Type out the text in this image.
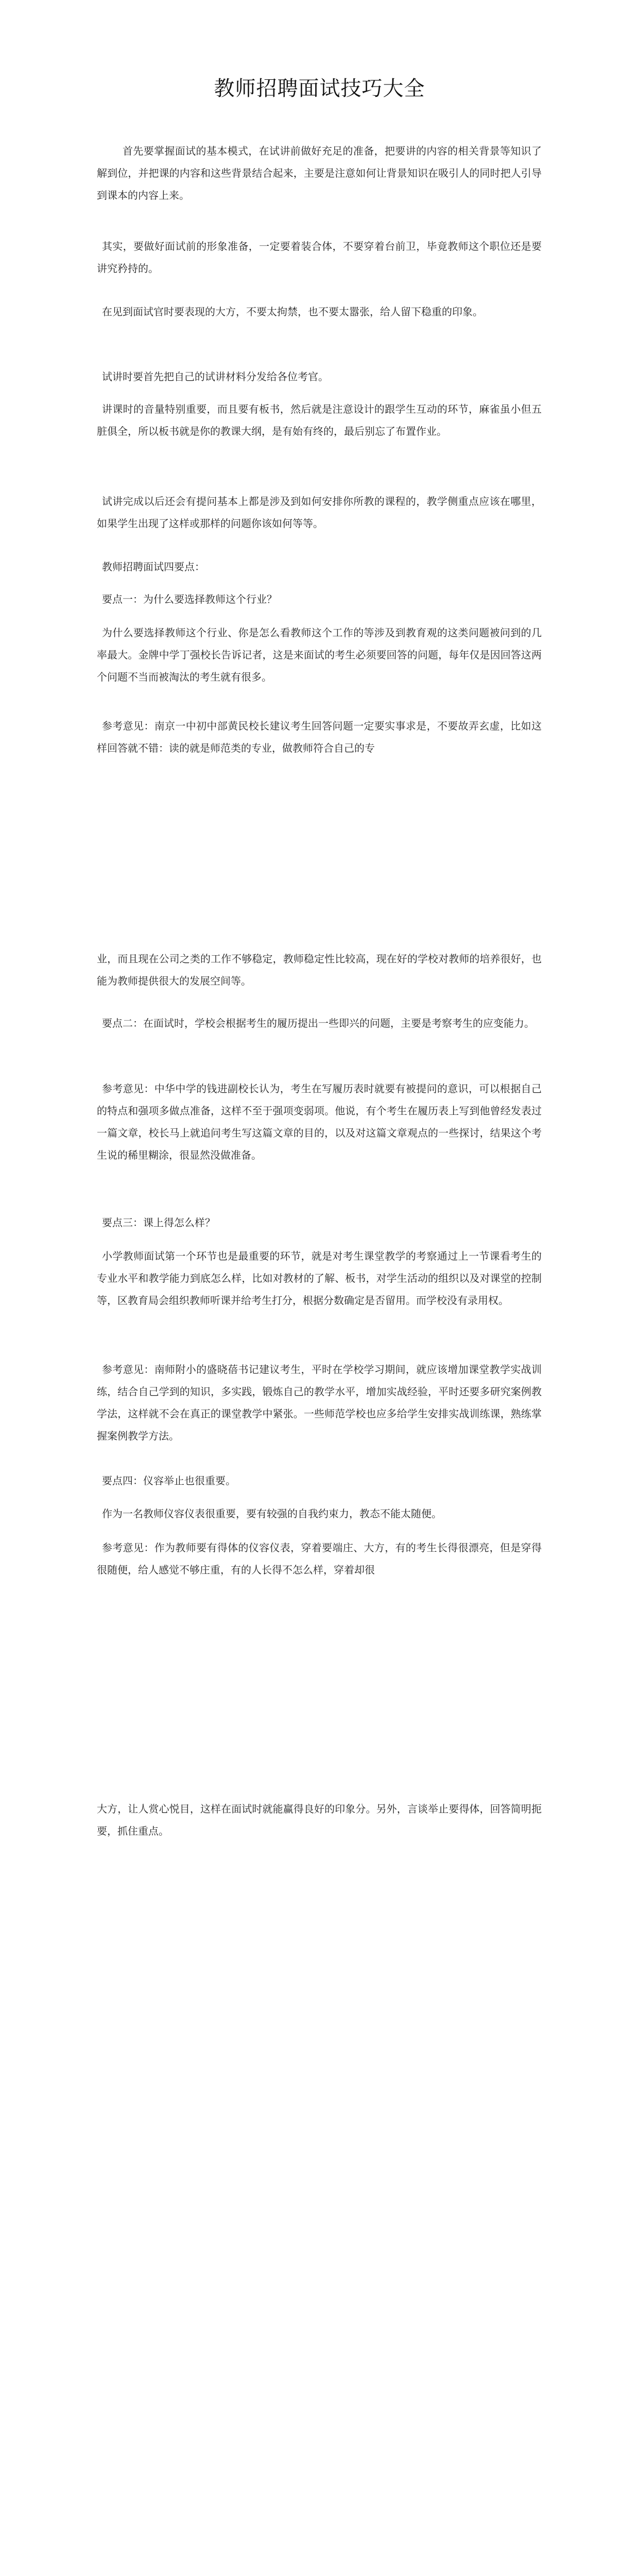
教师招聘面试技巧大全

首先要掌握面试的基本模式，在试讲前做好充足的准备，把要讲的内容的相关背景等知识了解到位，并把课的内容和这些背景结合起来，主要是注意如何让背景知识在吸引人的同时把人引导到课本的内容上来。

其实，要做好面试前的形象准备，一定要着装合体，不要穿着台前卫，毕竟教师这个职位还是要讲究矜持的。

在见到面试官时要表现的大方，不要太拘禁，也不要太嚣张，给人留下稳重的印象。

试讲时要首先把自己的试讲材料分发给各位考官。

讲课时的音量特别重要，而且要有板书，然后就是注意设计的跟学生互动的环节，麻雀虽小但五脏俱全，所以板书就是你的教课大纲，是有始有终的，最后别忘了布置作业。

试讲完成以后还会有提问基本上都是涉及到如何安排你所教的课程的，教学侧重点应该在哪里，如果学生出现了这样或那样的问题你该如何等等。

教师招聘面试四要点：

要点一：为什么要选择教师这个行业？

为什么要选择教师这个行业、你是怎么看教师这个工作的等涉及到教育观的这类问题被问到的几率最大。金牌中学丁强校长告诉记者，这是来面试的考生必须要回答的问题，每年仅是因回答这两个问题不当而被淘汰的考生就有很多。

参考意见：南京一中初中部黄民校长建议考生回答问题一定要实事求是，不要故弄玄虚，比如这样回答就不错：读的就是师范类的专业，做教师符合自己的专

业，而且现在公司之类的工作不够稳定，教师稳定性比较高，现在好的学校对教师的培养很好，也能为教师提供很大的发展空间等。

要点二：在面试时，学校会根据考生的履历提出一些即兴的问题，主要是考察考生的应变能力。

参考意见：中华中学的钱进副校长认为，考生在写履历表时就要有被提问的意识，可以根据自己的特点和强项多做点准备，这样不至于强项变弱项。他说，有个考生在履历表上写到他曾经发表过一篇文章，校长马上就追问考生写这篇文章的目的，以及对这篇文章观点的一些探讨，结果这个考生说的稀里糊涂，很显然没做准备。

要点三：课上得怎么样？

小学教师面试第一个环节也是最重要的环节，就是对考生课堂教学的考察通过上一节课看考生的专业水平和教学能力到底怎么样，比如对教材的了解、板书，对学生活动的组织以及对课堂的控制等，区教育局会组织教师听课并给考生打分，根据分数确定是否留用。而学校没有录用权。

参考意见：南师附小的盛晓蓓书记建议考生，平时在学校学习期间，就应该增加课堂教学实战训练，结合自己学到的知识，多实践，锻炼自己的教学水平，增加实战经验，平时还要多研究案例教学法，这样就不会在真正的课堂教学中紧张。一些师范学校也应多给学生安排实战训练课，熟练掌握案例教学方法。

要点四：仪容举止也很重要。

作为一名教师仪容仪表很重要，要有较强的自我约束力，教态不能太随便。

参考意见：作为教师要有得体的仪容仪表，穿着要端庄、大方，有的考生长得很漂亮，但是穿得很随便，给人感觉不够庄重，有的人长得不怎么样，穿着却很

大方，让人赏心悦目，这样在面试时就能赢得良好的印象分。另外，言谈举止要得体，回答简明扼要，抓住重点。
